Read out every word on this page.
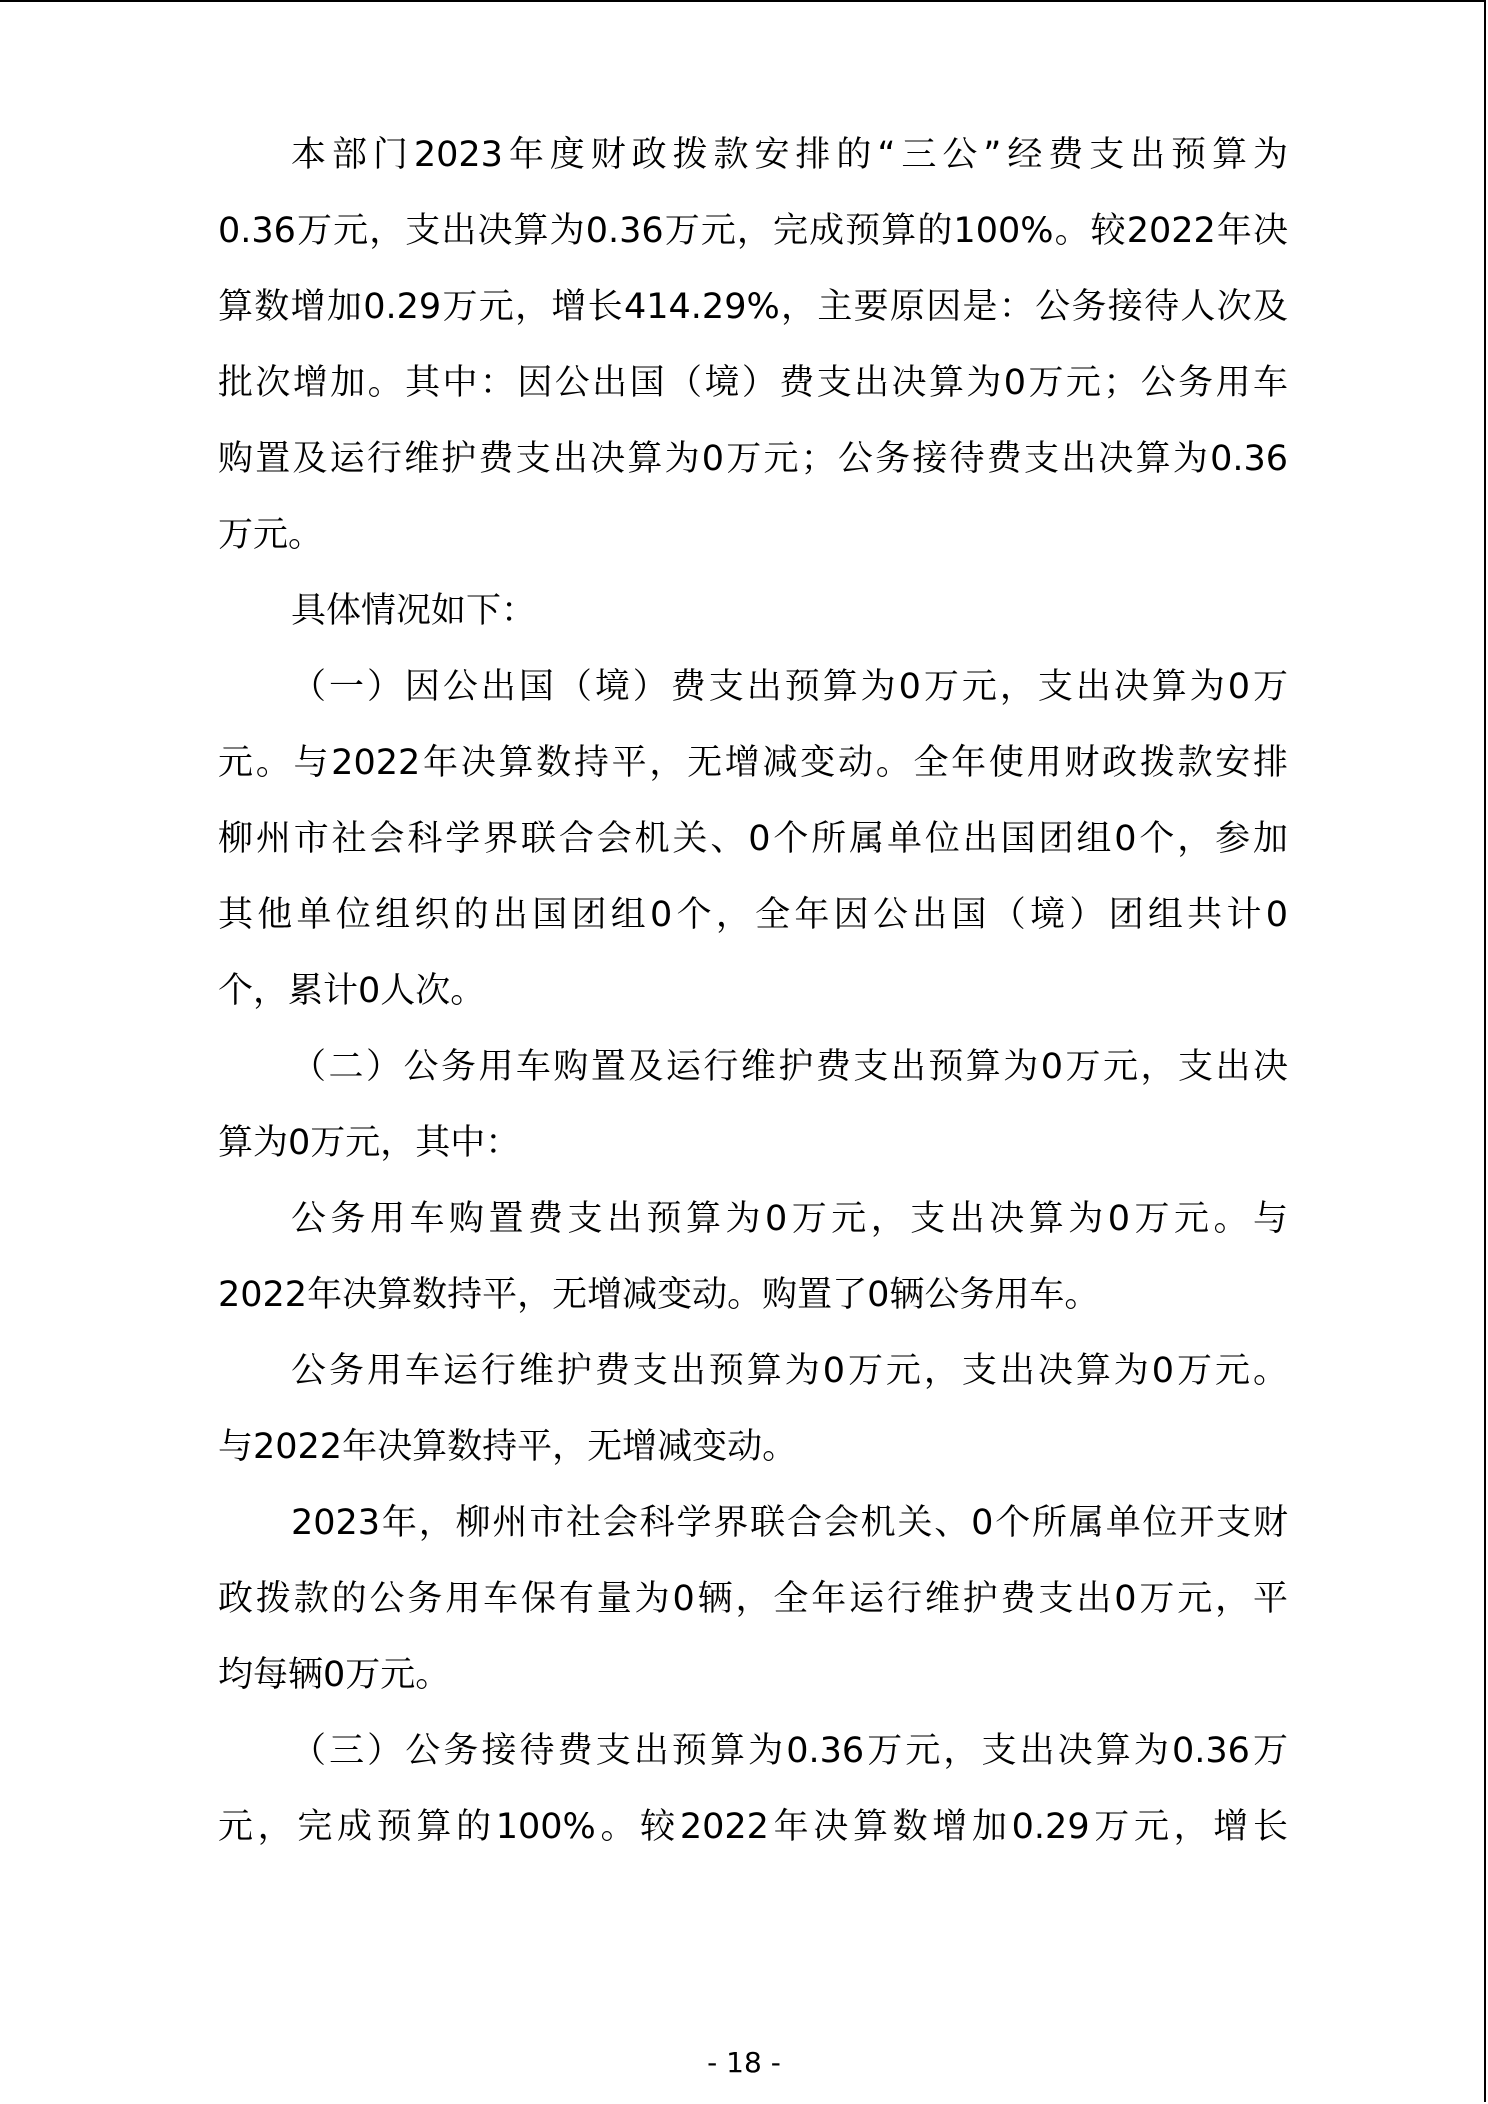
本部门2023年度财政拨款安排的“三公”经费支出预算为
0.36万元，支出决算为0.36万元，完成预算的100%。较2022年决
算数增加0.29万元，增长414.29%，主要原因是：公务接待人次及
批次增加。其中：因公出国（境）费支出决算为0万元；公务用车
购置及运行维护费支出决算为0万元；公务接待费支出决算为0.36
万元。
具体情况如下：
（一）因公出国（境）费支出预算为0万元，支出决算为0万
元。与2022年决算数持平，无增减变动。全年使用财政拨款安排
柳州市社会科学界联合会机关、0个所属单位出国团组0个，参加
其他单位组织的出国团组0个，全年因公出国（境）团组共计0
个，累计0人次。
（二）公务用车购置及运行维护费支出预算为0万元，支出决
算为0万元，其中：
公务用车购置费支出预算为0万元，支出决算为0万元。与
2022年决算数持平，无增减变动。购置了0辆公务用车。
公务用车运行维护费支出预算为0万元，支出决算为0万元。
与2022年决算数持平，无增减变动。
2023年，柳州市社会科学界联合会机关、0个所属单位开支财
政拨款的公务用车保有量为0辆，全年运行维护费支出0万元，平
均每辆0万元。
（三）公务接待费支出预算为0.36万元，支出决算为0.36万
元，完成预算的100%。较2022年决算数增加0.29万元，增长
- 18 -
